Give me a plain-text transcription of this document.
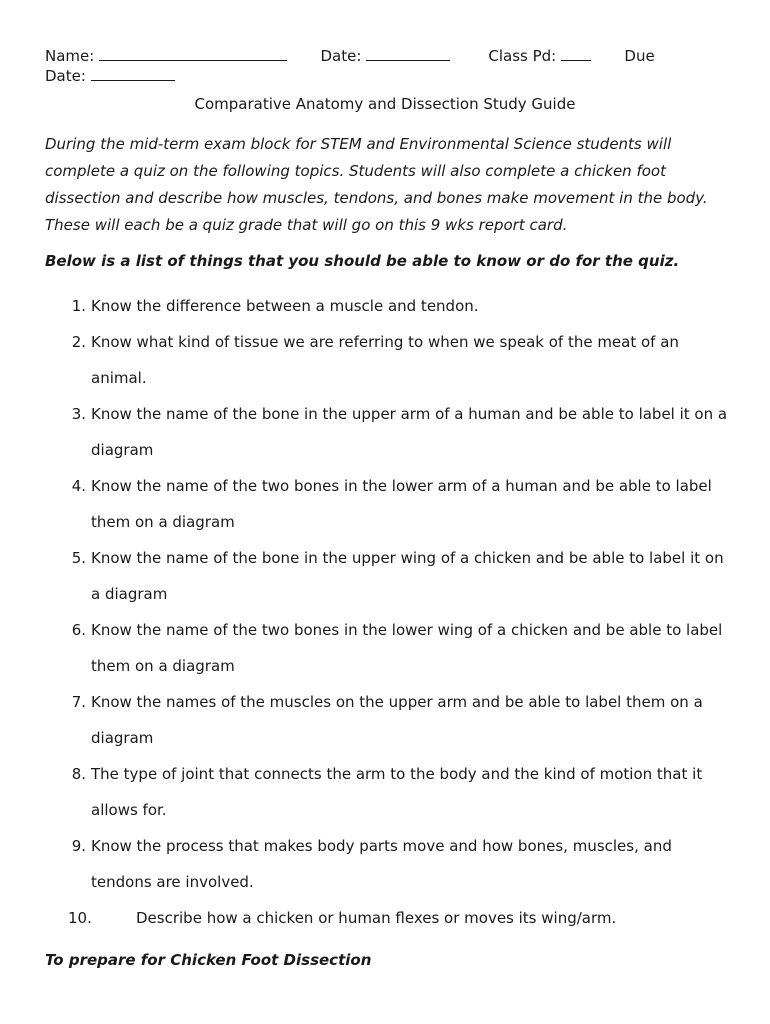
Name:	Date:	Class Pd:	Due
Date:
Comparative Anatomy and Dissection Study Guide
During the mid-term exam block for STEM and Environmental Science students will complete a quiz on the following topics. Students will also complete a chicken foot dissection and describe how muscles, tendons, and bones make movement in the body. These will each be a quiz grade that will go on this 9 wks report card.
Below is a list of things that you should be able to know or do for the quiz.
1. Know the difference between a muscle and tendon.
2. Know what kind of tissue we are referring to when we speak of the meat of an animal.
3. Know the name of the bone in the upper arm of a human and be able to label it on a diagram
4. Know the name of the two bones in the lower arm of a human and be able to label them on a diagram
5. Know the name of the bone in the upper wing of a chicken and be able to label it on a diagram
6. Know the name of the two bones in the lower wing of a chicken and be able to label them on a diagram
7. Know the names of the muscles on the upper arm and be able to label them on a diagram
8. The type of joint that connects the arm to the body and the kind of motion that it allows for.
9. Know the process that makes body parts move and how bones, muscles, and tendons are involved.
10.	Describe how a chicken or human flexes or moves its wing/arm.
To prepare for Chicken Foot Dissection
